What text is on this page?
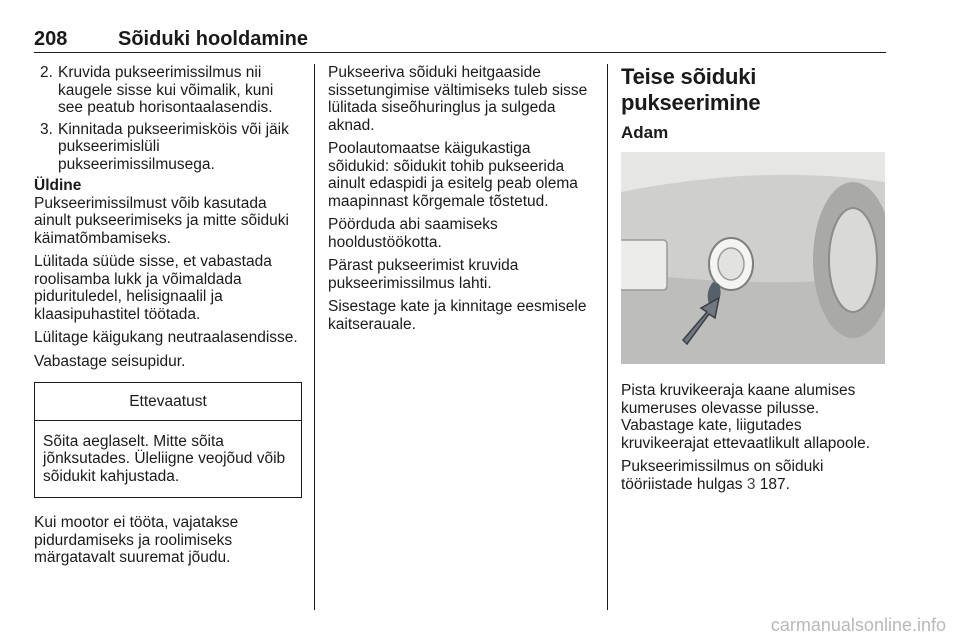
208	Sõiduki hooldamine
2. Kruvida pukseerimissilmus nii kaugele sisse kui võimalik, kuni see peatub horisontaalasendis.
3. Kinnitada pukseerimisköis või jäik pukseerimislüli pukseerimissilmusega.

Üldine

Pukseerimissilmust võib kasutada ainult pukseerimiseks ja mitte sõiduki käimatõmbamiseks.

Lülitada süüde sisse, et vabastada roolisamba lukk ja võimaldada pidurituledel, helisignaalil ja klaasipuhastitel töötada.

Lülitage käigukang neutraalasendisse.

Vabastage seisupidur.

Ettevaatust
Sõita aeglaselt. Mitte sõita jõnksutades. Üleliigne veojõud võib sõidukit kahjustada.

Kui mootor ei tööta, vajatakse pidurdamiseks ja roolimiseks märgatavalt suuremat jõudu.

Pukseeriva sõiduki heitgaaside sissetungimise vältimiseks tuleb sisse lülitada siseõhuringlus ja sulgeda aknad.

Poolautomaatse käigukastiga sõidukid: sõidukit tohib pukseerida ainult edaspidi ja esitelg peab olema maapinnast kõrgemale tõstetud.

Pöörduda abi saamiseks hooldustöökotta.

Pärast pukseerimist kruvida pukseerimissilmus lahti.

Sisestage kate ja kinnitage eesmisele kaitserauale.

Teise sõiduki pukseerimine
Adam

Pista kruvikeeraja kaane alumises kumeruses olevasse pilusse. Vabastage kate, liigutades kruvikeerajat ettevaatlikult allapoole.

Pukseerimissilmus on sõiduki tööriistade hulgas 3 187.

carmanualsonline.info
